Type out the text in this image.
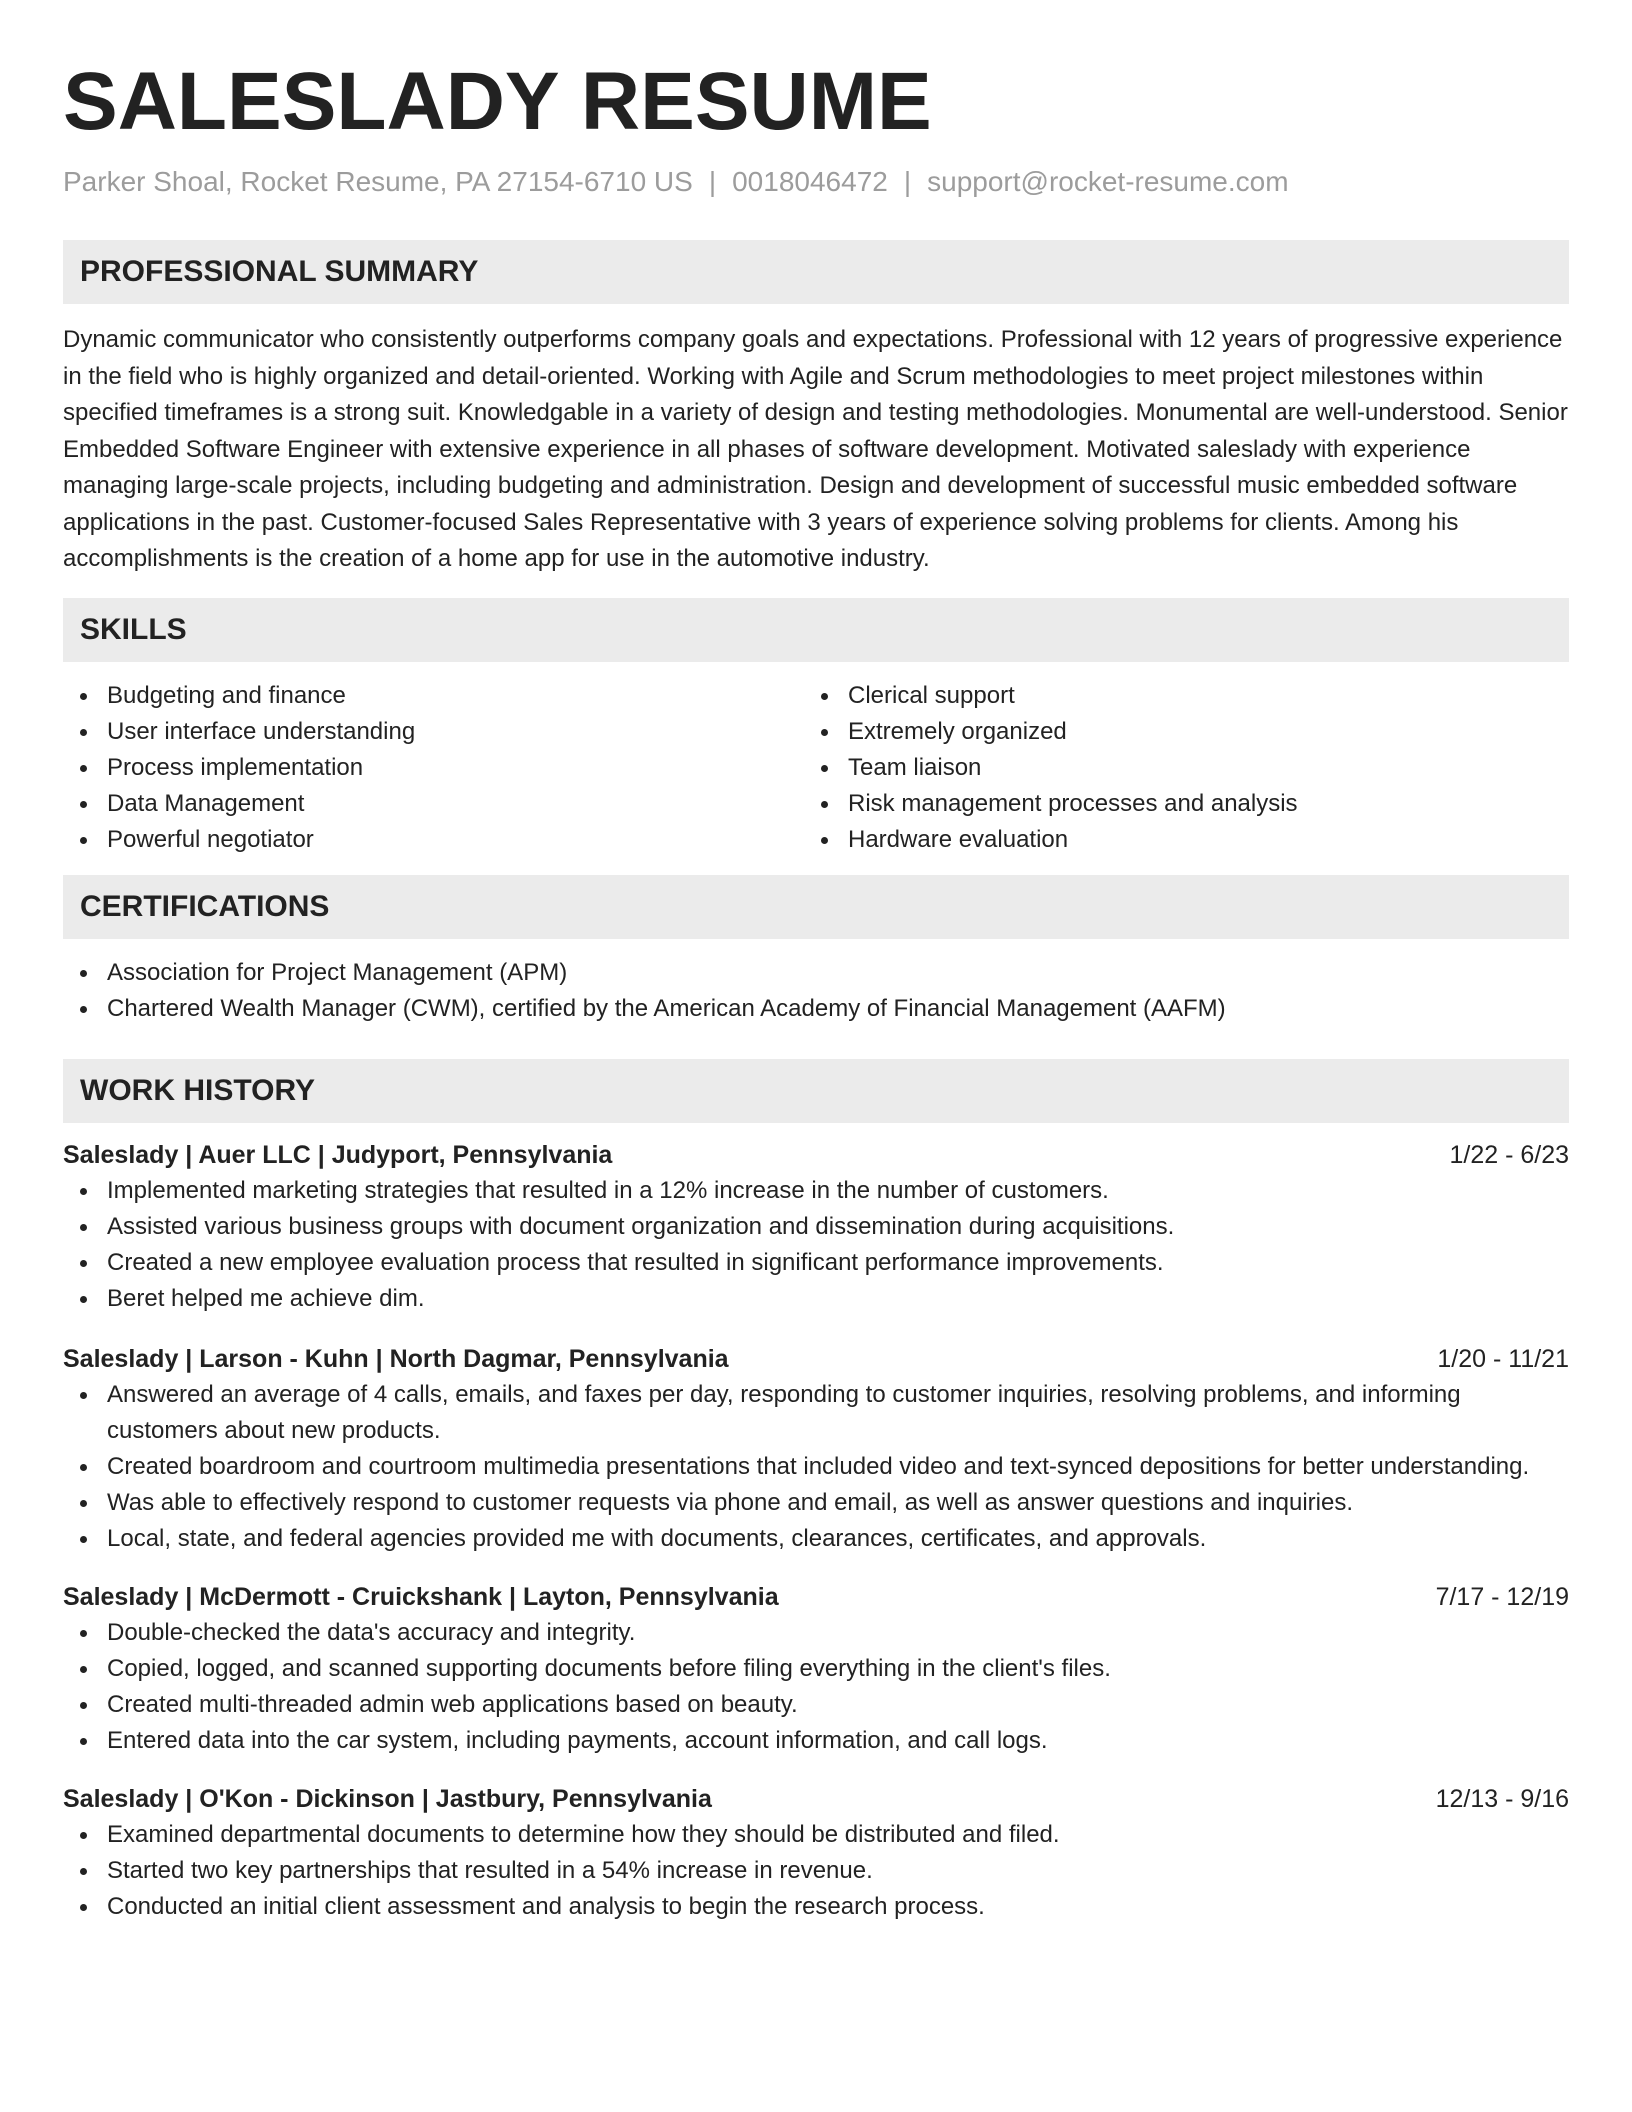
SALESLADY RESUME
Parker Shoal, Rocket Resume, PA 27154-6710 US | 0018046472 | support@rocket-resume.com
PROFESSIONAL SUMMARY

Dynamic communicator who consistently outperforms company goals and expectations. Professional with 12 years of progressive experience in the field who is highly organized and detail-oriented. Working with Agile and Scrum methodologies to meet project milestones within specified timeframes is a strong suit. Knowledgable in a variety of design and testing methodologies. Monumental are well-understood. Senior Embedded Software Engineer with extensive experience in all phases of software development. Motivated saleslady with experience managing large-scale projects, including budgeting and administration. Design and development of successful music embedded software applications in the past. Customer-focused Sales Representative with 3 years of experience solving problems for clients. Among his accomplishments is the creation of a home app for use in the automotive industry.

SKILLS
Budgeting and finance
User interface understanding
Process implementation
Data Management
Powerful negotiator
Clerical support
Extremely organized
Team liaison
Risk management processes and analysis
Hardware evaluation
CERTIFICATIONS
Association for Project Management (APM)
Chartered Wealth Manager (CWM), certified by the American Academy of Financial Management (AAFM)
WORK HISTORY
Saleslady | Auer LLC | Judyport, Pennsylvania	1/22 - 6/23
Implemented marketing strategies that resulted in a 12% increase in the number of customers.
Assisted various business groups with document organization and dissemination during acquisitions.
Created a new employee evaluation process that resulted in significant performance improvements.
Beret helped me achieve dim.
Saleslady | Larson - Kuhn | North Dagmar, Pennsylvania	1/20 - 11/21
Answered an average of 4 calls, emails, and faxes per day, responding to customer inquiries, resolving problems, and informing customers about new products.
Created boardroom and courtroom multimedia presentations that included video and text-synced depositions for better understanding.
Was able to effectively respond to customer requests via phone and email, as well as answer questions and inquiries.
Local, state, and federal agencies provided me with documents, clearances, certificates, and approvals.
Saleslady | McDermott - Cruickshank | Layton, Pennsylvania	7/17 - 12/19
Double-checked the data's accuracy and integrity.
Copied, logged, and scanned supporting documents before filing everything in the client's files.
Created multi-threaded admin web applications based on beauty.
Entered data into the car system, including payments, account information, and call logs.
Saleslady | O'Kon - Dickinson | Jastbury, Pennsylvania	12/13 - 9/16
Examined departmental documents to determine how they should be distributed and filed.
Started two key partnerships that resulted in a 54% increase in revenue.
Conducted an initial client assessment and analysis to begin the research process.
